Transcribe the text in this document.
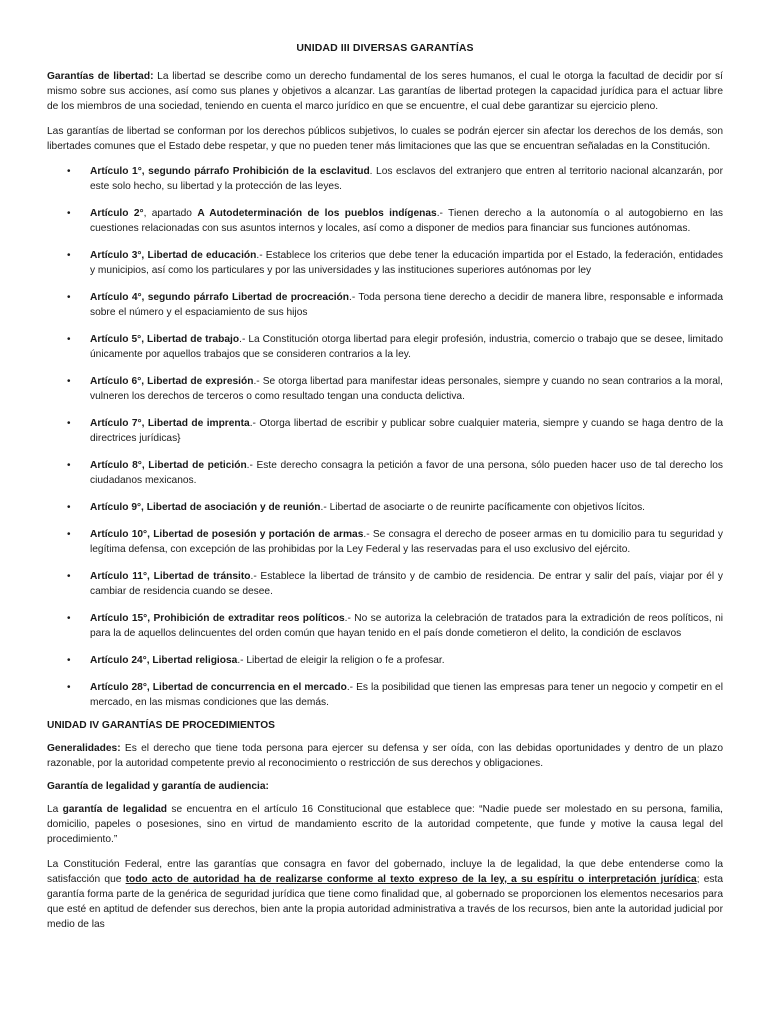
UNIDAD III DIVERSAS GARANTÍAS

Garantías de libertad: La libertad se describe como un derecho fundamental de los seres humanos, el cual le otorga la facultad de decidir por sí mismo sobre sus acciones, así como sus planes y objetivos a alcanzar. Las garantías de libertad protegen la capacidad jurídica para el actuar libre de los miembros de una sociedad, teniendo en cuenta el marco jurídico en que se encuentre, el cual debe garantizar su ejercicio pleno.

Las garantías de libertad se conforman por los derechos públicos subjetivos, lo cuales se podrán ejercer sin afectar los derechos de los demás, son libertades comunes que el Estado debe respetar, y que no pueden tener más limitaciones que las que se encuentran señaladas en la Constitución.

• Artículo 1°, segundo párrafo Prohibición de la esclavitud. Los esclavos del extranjero que entren al territorio nacional alcanzarán, por este solo hecho, su libertad y la protección de las leyes.
• Artículo 2°, apartado A Autodeterminación de los pueblos indígenas.- Tienen derecho a la autonomía o al autogobierno en las cuestiones relacionadas con sus asuntos internos y locales, así como a disponer de medios para financiar sus funciones autónomas.
• Artículo 3°, Libertad de educación.- Establece los criterios que debe tener la educación impartida por el Estado, la federación, entidades y municipios, así como los particulares y por las universidades y las instituciones superiores autónomas por ley
• Artículo 4°, segundo párrafo Libertad de procreación.- Toda persona tiene derecho a decidir de manera libre, responsable e informada sobre el número y el espaciamiento de sus hijos
• Artículo 5°, Libertad de trabajo.- La Constitución otorga libertad para elegir profesión, industria, comercio o trabajo que se desee, limitado únicamente por aquellos trabajos que se consideren contrarios a la ley.
• Artículo 6°, Libertad de expresión.- Se otorga libertad para manifestar ideas personales, siempre y cuando no sean contrarios a la moral, vulneren los derechos de terceros o como resultado tengan una conducta delictiva.
• Artículo 7°, Libertad de imprenta.- Otorga libertad de escribir y publicar sobre cualquier materia, siempre y cuando se haga dentro de la directrices jurídicas}
• Artículo 8°, Libertad de petición.- Este derecho consagra la petición a favor de una persona, sólo pueden hacer uso de tal derecho los ciudadanos mexicanos.
• Artículo 9°, Libertad de asociación y de reunión.- Libertad de asociarte o de reunirte pacíficamente con objetivos lícitos.
• Artículo 10°, Libertad de posesión y portación de armas.- Se consagra el derecho de poseer armas en tu domicilio para tu seguridad y legítima defensa, con excepción de las prohibidas por la Ley Federal y las reservadas para el uso exclusivo del ejército.
• Artículo 11°, Libertad de tránsito.- Establece la libertad de tránsito y de cambio de residencia. De entrar y salir del país, viajar por él y cambiar de residencia cuando se desee.
• Artículo 15°, Prohibición de extraditar reos políticos.- No se autoriza la celebración de tratados para la extradición de reos políticos, ni para la de aquellos delincuentes del orden común que hayan tenido en el país donde cometieron el delito, la condición de esclavos
• Artículo 24°, Libertad religiosa.- Libertad de eleigir la religion o fe a profesar.
• Artículo 28°, Libertad de concurrencia en el mercado.- Es la posibilidad que tienen las empresas para tener un negocio y competir en el mercado, en las mismas condiciones que las demás.
UNIDAD IV GARANTÍAS DE PROCEDIMIENTOS

Generalidades: Es el derecho que tiene toda persona para ejercer su defensa y ser oída, con las debidas oportunidades y dentro de un plazo razonable, por la autoridad competente previo al reconocimiento o restricción de sus derechos y obligaciones.

Garantía de legalidad y garantía de audiencia:

La garantía de legalidad se encuentra en el artículo 16 Constitucional que establece que: “Nadie puede ser molestado en su persona, familia, domicilio, papeles o posesiones, sino en virtud de mandamiento escrito de la autoridad competente, que funde y motive la causa legal del procedimiento.”

La Constitución Federal, entre las garantías que consagra en favor del gobernado, incluye la de legalidad, la que debe entenderse como la satisfacción que todo acto de autoridad ha de realizarse conforme al texto expreso de la ley, a su espíritu o interpretación jurídica; esta garantía forma parte de la genérica de seguridad jurídica que tiene como finalidad que, al gobernado se proporcionen los elementos necesarios para que esté en aptitud de defender sus derechos, bien ante la propia autoridad administrativa a través de los recursos, bien ante la autoridad judicial por medio de las
